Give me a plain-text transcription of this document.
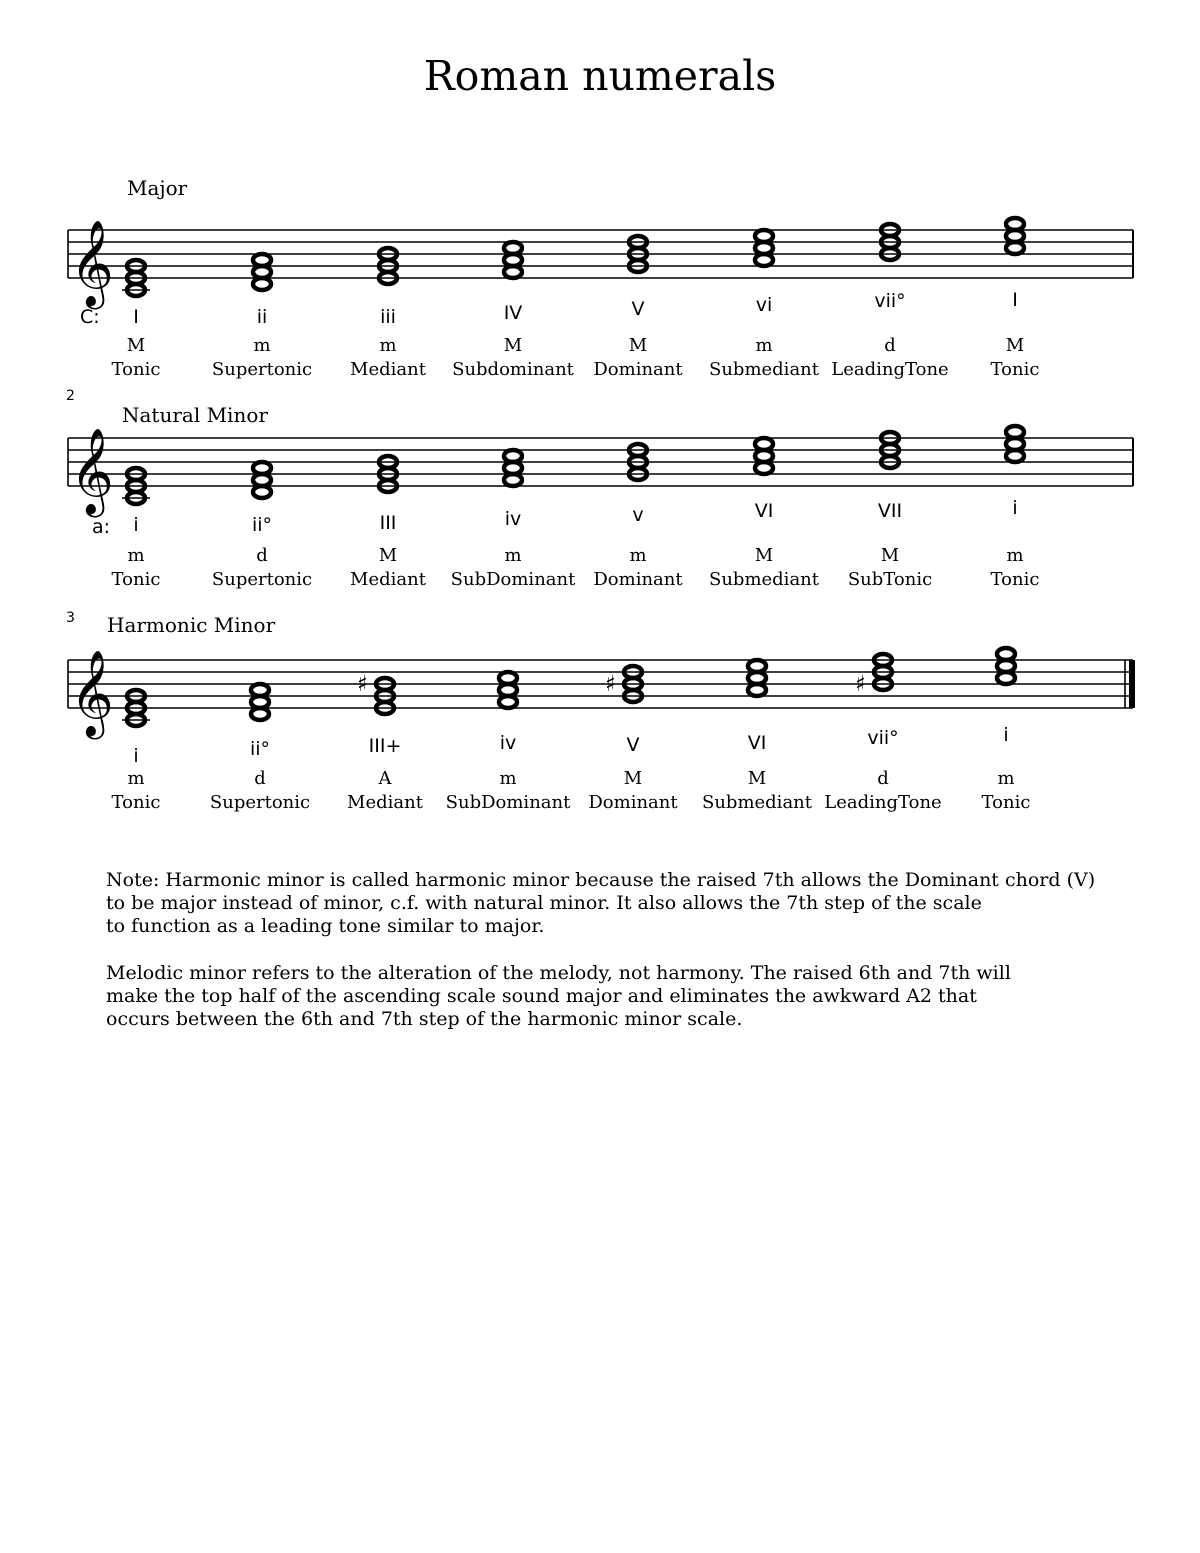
Roman numerals
Major
𝄞
C: I	ii	iii	IV	V	vi	vii°	I
M	m	m	M	M	m	d	M
Tonic	Supertonic Mediant Subdominant Dominant Submediant LeadingTone Tonic
2
Natural Minor
𝄞
a: i	ii°	III	iv	v	VI	VII	i
m	d	M	m	m	M	M	m
Tonic	Supertonic Mediant SubDominant Dominant Submediant SubTonic	Tonic
3 Harmonic Minor
𝄞	♯	♯	♯
i	ii°	III+	iv	V	VI	vii°	i
m	d	A	m	M	M	d	m
Tonic	Supertonic Mediant SubDominant Dominant Submediant LeadingTone Tonic

Note: Harmonic minor is called harmonic minor because the raised 7th allows the Dominant chord (V)
to be major instead of minor, c.f. with natural minor. It also allows the 7th step of the scale
to function as a leading tone similar to major.

Melodic minor refers to the alteration of the melody, not harmony. The raised 6th and 7th will
make the top half of the ascending scale sound major and eliminates the awkward A2 that
occurs between the 6th and 7th step of the harmonic minor scale.
